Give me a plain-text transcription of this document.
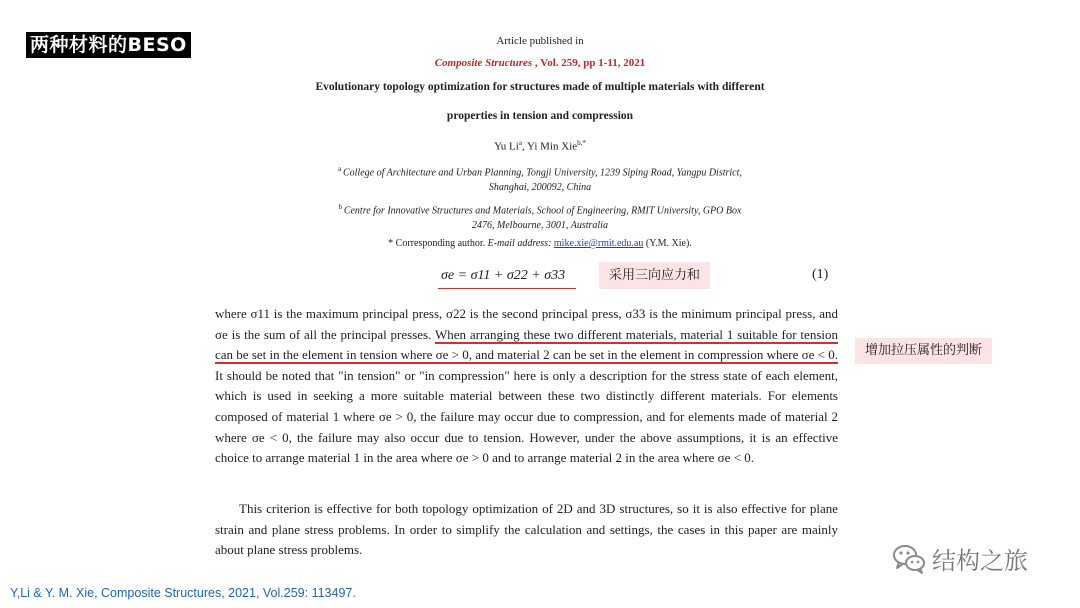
两种材料的BESO	Article published in
Composite Structures , Vol. 259, pp 1-11, 2021
Evolutionary topology optimization for structures made of multiple materials with different
properties in tension and compression
Yu Li$^a$, Yi Min Xie$^{b,*}$
$^a$ College of Architecture and Urban Planning, Tongji University, 1239 Siping Road, Yangpu District,
Shanghai, 200092, China
$^b$ Centre for Innovative Structures and Materials, School of Engineering, RMIT University, GPO Box
2476, Melbourne, 3001, Australia
* Corresponding author. E-mail address: mike.xie@rmit.edu.au (Y.M. Xie).
σe = σ11 + σ22 + σ33	(1)
采用三向应力和
增加拉压属性的判断
where σ11 is the maximum principal press, σ22 is the second principal press, σ33 is the minimum principal press, and σe is the sum of all the principal presses. When arranging these two different materials, material 1 suitable for tension can be set in the element in tension where σe > 0, and material 2 can be set in the element in compression where σe < 0. It should be noted that "in tension" or "in compression" here is only a description for the stress state of each element, which is used in seeking a more suitable material between these two distinctly different materials. For elements composed of material 1 where σe > 0, the failure may occur due to compression, and for elements made of material 2 where σe < 0, the failure may also occur due to tension. However, under the above assumptions, it is an effective choice to arrange material 1 in the area where σe > 0 and to arrange material 2 in the area where σe < 0.
This criterion is effective for both topology optimization of 2D and 3D structures, so it is also effective for plane strain and plane stress problems. In order to simplify the calculation and settings, the cases in this paper are mainly about plane stress problems.	结构之旅
Y,Li & Y. M. Xie, Composite Structures, 2021, Vol.259: 113497.
